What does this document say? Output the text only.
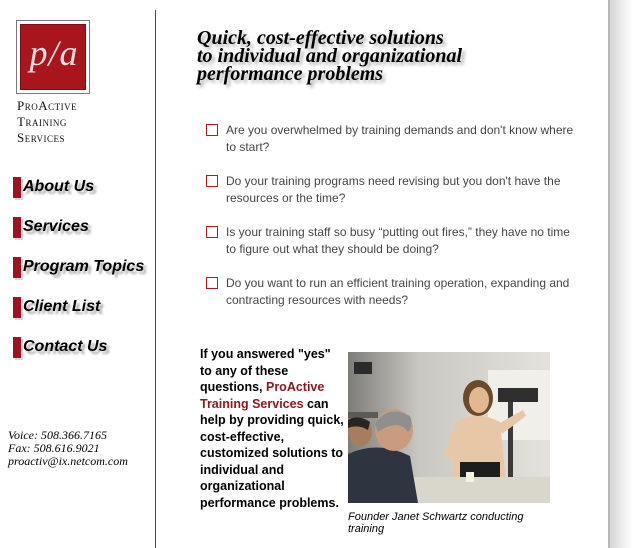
p/a
ProActive
Training
Services
About Us
Services
Program Topics
Client List
Contact Us
Voice: 508.366.7165
Fax: 508.616.9021
proactiv@ix.netcom.com
Quick, cost-effective solutions
to individual and organizational
performance problems
Are you overwhelmed by training demands and don't know where to start?
Do your training programs need revising but you don't have the resources or the time?
Is your training staff so busy “putting out fires,” they have no time to figure out what they should be doing?
Do you want to run an efficient training operation, expanding and contracting resources with needs?
If you answered "yes" to any of these questions, ProActive Training Services can help by providing quick, cost-effective, customized solutions to individual and organizational performance problems.
Founder Janet Schwartz conducting training
